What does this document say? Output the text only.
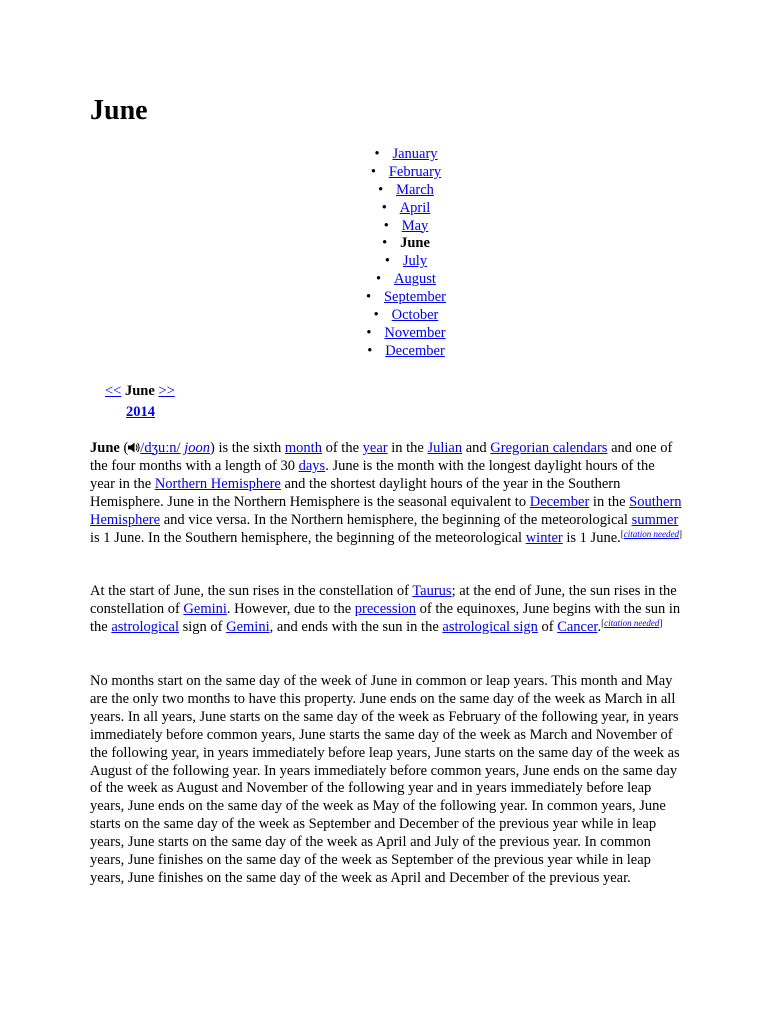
June
• January
• February
• March
• April
• May
• June
• July
• August
• September
• October
• November
• December
<< June >>
2014

June ( /dʒuːn/ joon) is the sixth month of the year in the Julian and Gregorian calendars and one of the four months with a length of 30 days. June is the month with the longest daylight hours of the year in the Northern Hemisphere and the shortest daylight hours of the year in the Southern Hemisphere. June in the Northern Hemisphere is the seasonal equivalent to December in the Southern Hemisphere and vice versa. In the Northern hemisphere, the beginning of the meteorological summer is 1 June. In the Southern hemisphere, the beginning of the meteorological winter is 1 June.[citation needed]

At the start of June, the sun rises in the constellation of Taurus; at the end of June, the sun rises in the constellation of Gemini. However, due to the precession of the equinoxes, June begins with the sun in the astrological sign of Gemini, and ends with the sun in the astrological sign of Cancer.[citation needed]

No months start on the same day of the week of June in common or leap years. This month and May are the only two months to have this property. June ends on the same day of the week as March in all years. In all years, June starts on the same day of the week as February of the following year, in years immediately before common years, June starts the same day of the week as March and November of the following year, in years immediately before leap years, June starts on the same day of the week as August of the following year. In years immediately before common years, June ends on the same day of the week as August and November of the following year and in years immediately before leap years, June ends on the same day of the week as May of the following year. In common years, June starts on the same day of the week as September and December of the previous year while in leap years, June starts on the same day of the week as April and July of the previous year. In common years, June finishes on the same day of the week as September of the previous year while in leap years, June finishes on the same day of the week as April and December of the previous year.
